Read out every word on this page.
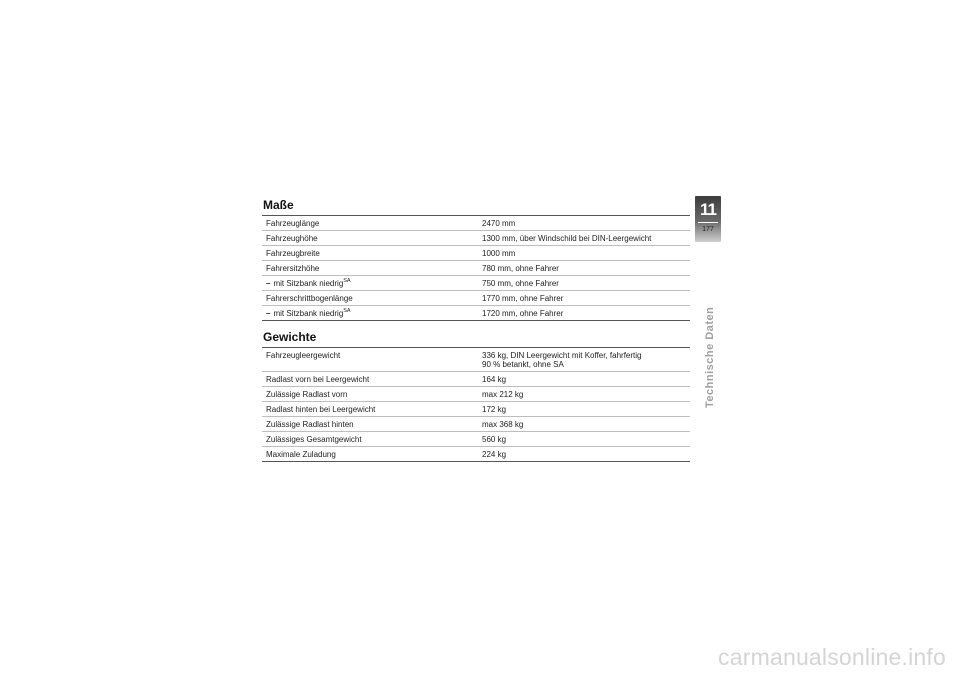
Maße
Fahrzeuglänge	2470 mm
Fahrzeughöhe	1300 mm, über Windschild bei DIN-Leergewicht
Fahrzeugbreite	1000 mm
Fahrersitzhöhe	780 mm, ohne Fahrer
– mit Sitzbank niedrig$^{SA}$	750 mm, ohne Fahrer
Fahrerschrittbogenlänge	1770 mm, ohne Fahrer
– mit Sitzbank niedrig$^{SA}$	1720 mm, ohne Fahrer
Gewichte
Fahrzeugleergewicht	336 kg, DIN Leergewicht mit Koffer, fahrfertig
90 % betankt, ohne SA

Radlast vorn bei Leergewicht	164 kg
Zulässige Radlast vorn	max 212 kg
Radlast hinten bei Leergewicht	172 kg
Zulässige Radlast hinten	max 368 kg
Zulässiges Gesamtgewicht	560 kg
Maximale Zuladung	224 kg
11
177
Technische Daten
carmanualsonline.info
